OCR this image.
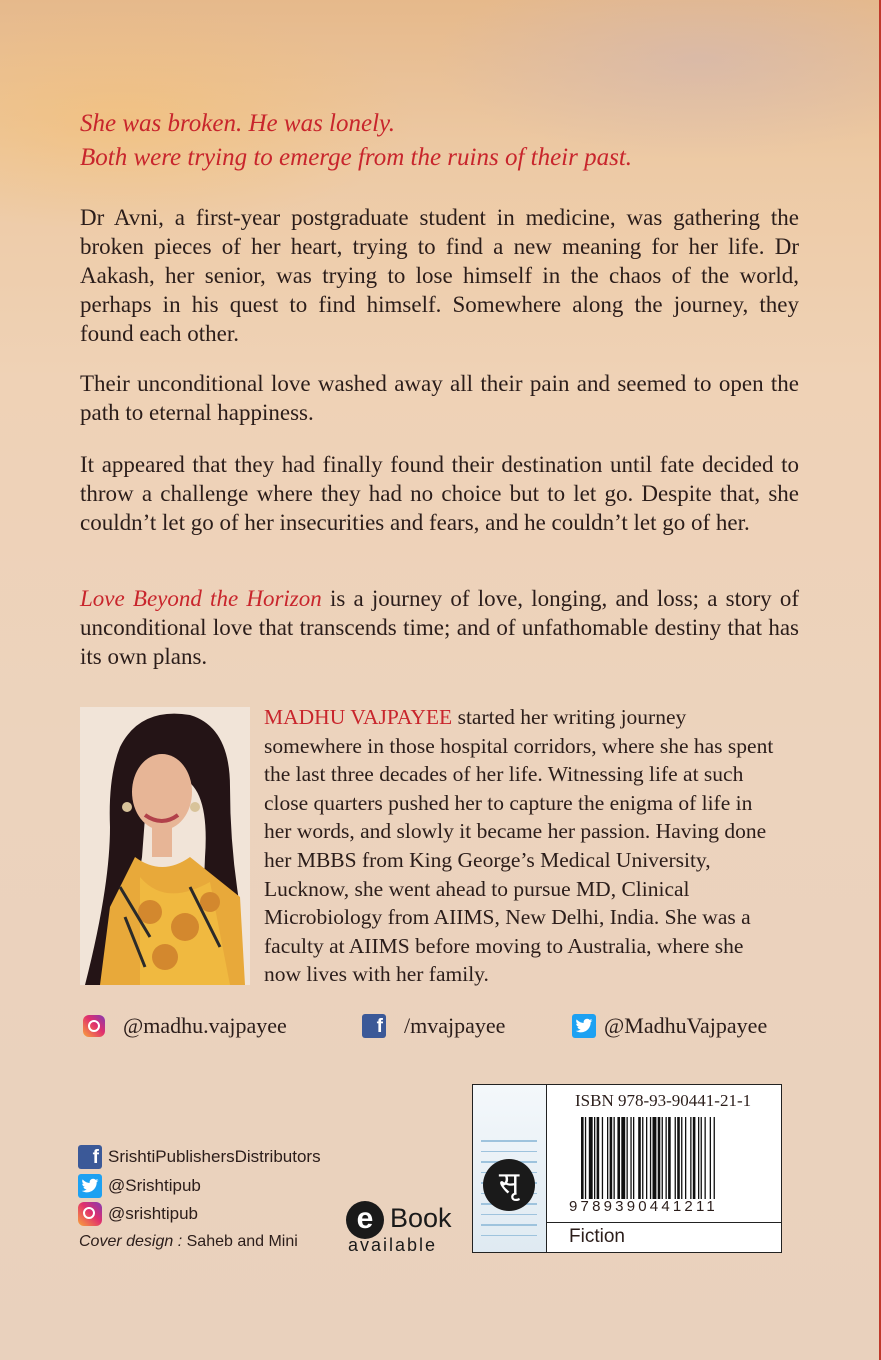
She was broken. He was lonely.
Both were trying to emerge from the ruins of their past.

Dr Avni, a first-year postgraduate student in medicine, was gathering the broken pieces of her heart, trying to find a new meaning for her life. Dr Aakash, her senior, was trying to lose himself in the chaos of the world, perhaps in his quest to find himself. Somewhere along the journey, they found each other.

Their unconditional love washed away all their pain and seemed to open the path to eternal happiness.

It appeared that they had finally found their destination until fate decided to throw a challenge where they had no choice but to let go. Despite that, she couldn’t let go of her insecurities and fears, and he couldn’t let go of her.

Love Beyond the Horizon is a journey of love, longing, and loss; a story of unconditional love that transcends time; and of unfathomable destiny that has its own plans.

MADHU VAJPAYEE started her writing journey somewhere in those hospital corridors, where she has spent the last three decades of her life. Witnessing life at such close quarters pushed her to capture the enigma of life in her words, and slowly it became her passion. Having done her MBBS from King George’s Medical University, Lucknow, she went ahead to pursue MD, Clinical Microbiology from AIIMS, New Delhi, India. She was a faculty at AIIMS before moving to Australia, where she now lives with her family.

@madhu.vajpayee	f /mvajpayee	@MadhuVajpayee
f SrishtiPublishersDistributors
@Srishtipub
@srishtipub
Cover design : Saheb and Mini
e Book
available
सृ
ISBN 978-93-90441-21-1
9789390441211
Fiction
